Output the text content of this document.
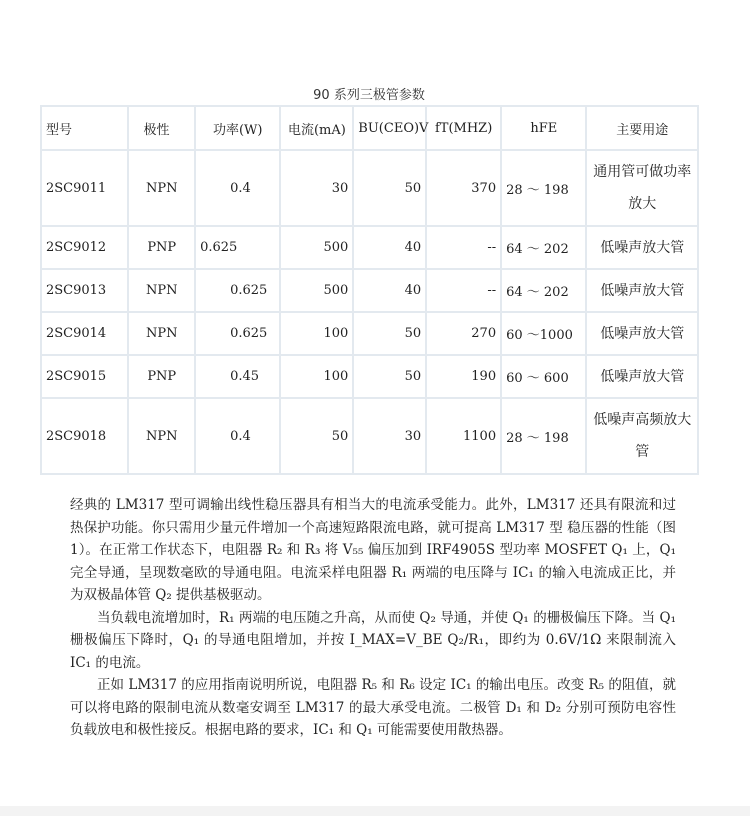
90 系列三极管参数
型号	极性	功率(W)	电流(mA)	BU(CEO)V	fT(MHZ)	hFE	主要用途
2SC9011	NPN	0.4	30	50	370	28 ～ 198	通用管可做功率放大
2SC9012	PNP	0.625	500	40	--	64 ～ 202	低噪声放大管
2SC9013	NPN	0.625	500	40	--	64 ～ 202	低噪声放大管
2SC9014	NPN	0.625	100	50	270	60 ～1000	低噪声放大管
2SC9015	PNP	0.45	100	50	190	60 ～ 600	低噪声放大管
2SC9018	NPN	0.4	50	30	1100	28 ～ 198	低噪声高频放大管

经典的 LM317 型可调输出线性稳压器具有相当大的电流承受能力。此外，LM317 还具有限流和过热保护功能。你只需用少量元件增加一个高速短路限流电路，就可提高 LM317 型 稳压器的性能（图 1）。在正常工作状态下，电阻器 R₂ 和 R₃ 将 V₅₅ 偏压加到 IRF4905S 型功率 MOSFET Q₁ 上，Q₁ 完全导通，呈现数毫欧的导通电阻。电流采样电阻器 R₁ 两端的电压降与 IC₁ 的输入电流成正比，并为双极晶体管 Q₂ 提供基极驱动。

当负载电流增加时，R₁ 两端的电压随之升高，从而使 Q₂ 导通，并使 Q₁ 的栅极偏压下降。当 Q₁ 栅极偏压下降时，Q₁ 的导通电阻增加，并按 I_MAX=V_BE Q₂/R₁，即约为 0.6V/1Ω 来限制流入 IC₁ 的电流。

正如 LM317 的应用指南说明所说，电阻器 R₅ 和 R₆ 设定 IC₁ 的输出电压。改变 R₅ 的阻值，就可以将电路的限制电流从数毫安调至 LM317 的最大承受电流。二极管 D₁ 和 D₂ 分别可预防电容性负载放电和极性接反。根据电路的要求，IC₁ 和 Q₁ 可能需要使用散热器。
